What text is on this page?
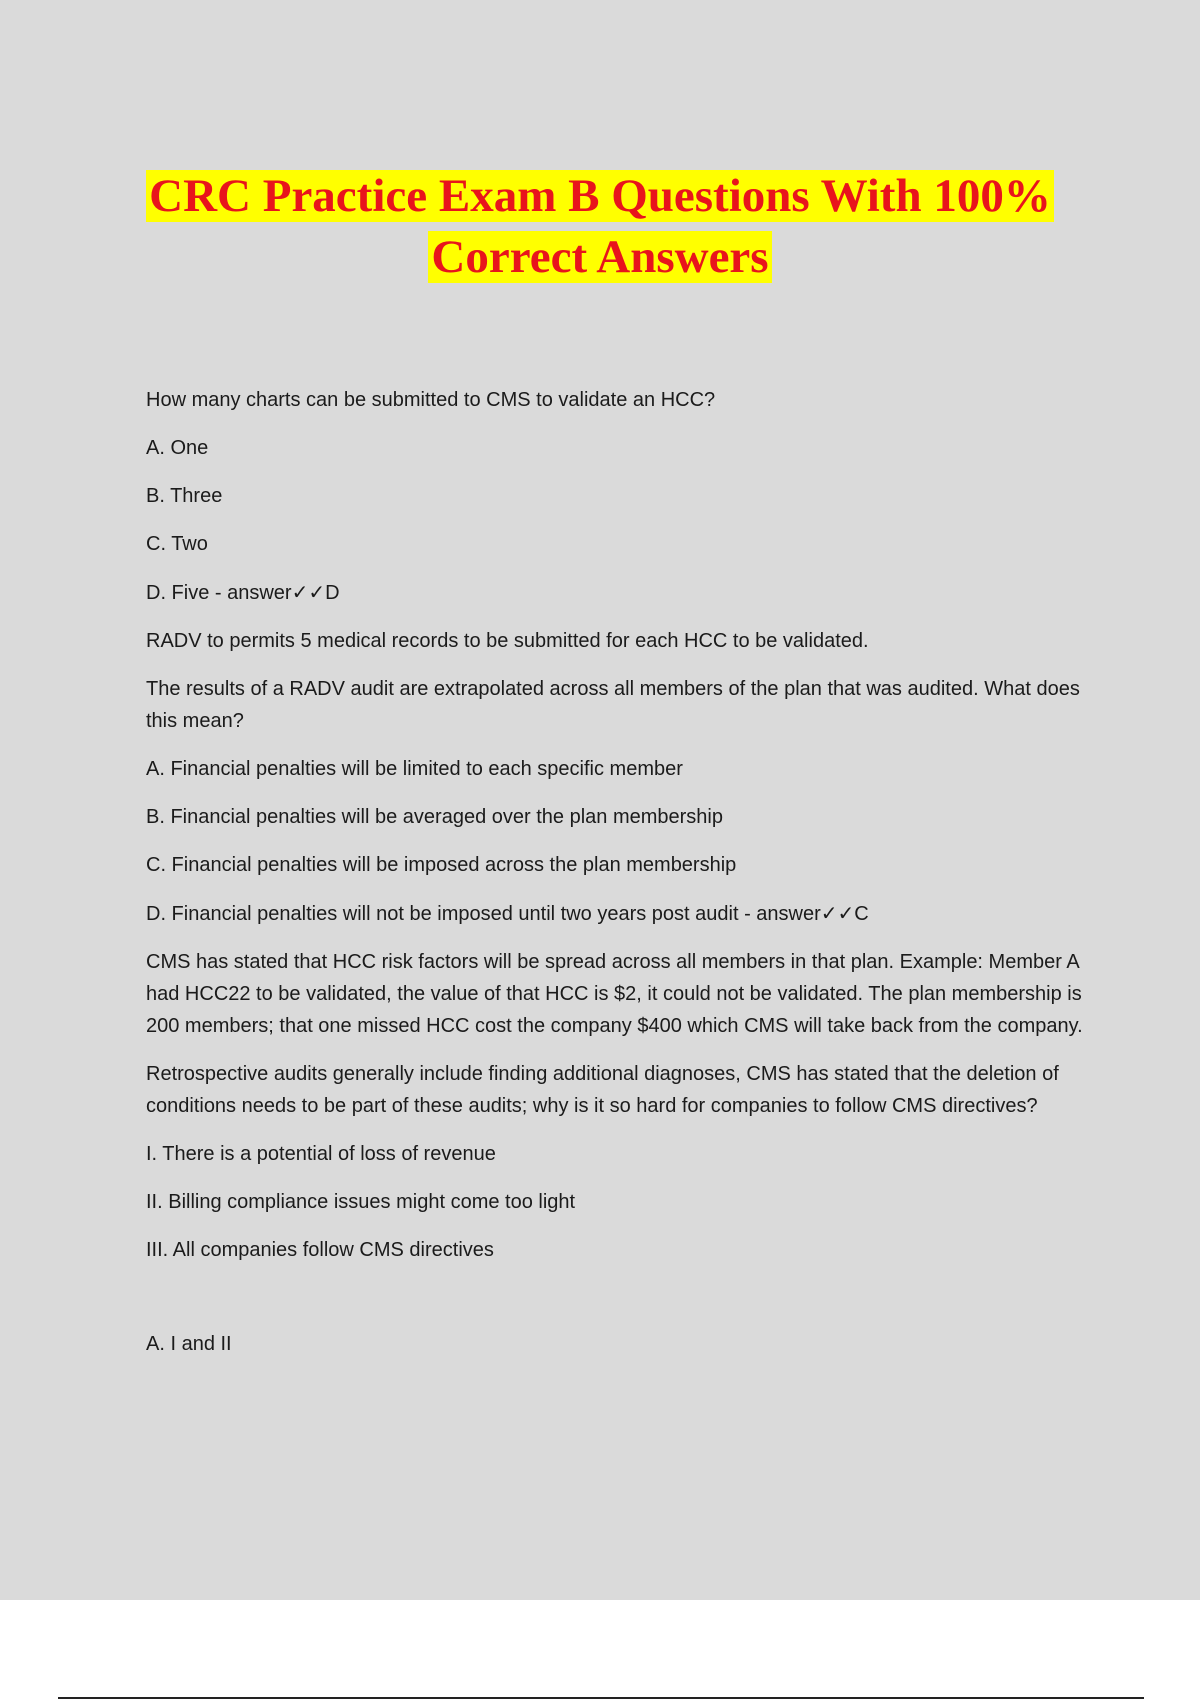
CRC Practice Exam B Questions With 100%
Correct Answers

How many charts can be submitted to CMS to validate an HCC?

A. One

B. Three

C. Two

D. Five - answer✓✓D

RADV to permits 5 medical records to be submitted for each HCC to be validated.

The results of a RADV audit are extrapolated across all members of the plan that was audited. What does this mean?

A. Financial penalties will be limited to each specific member

B. Financial penalties will be averaged over the plan membership

C. Financial penalties will be imposed across the plan membership

D. Financial penalties will not be imposed until two years post audit - answer✓✓C

CMS has stated that HCC risk factors will be spread across all members in that plan. Example: Member A had HCC22 to be validated, the value of that HCC is $2, it could not be validated. The plan membership is 200 members; that one missed HCC cost the company $400 which CMS will take back from the company.

Retrospective audits generally include finding additional diagnoses, CMS has stated that the deletion of conditions needs to be part of these audits; why is it so hard for companies to follow CMS directives?

I. There is a potential of loss of revenue

II. Billing compliance issues might come too light

III. All companies follow CMS directives

A. I and II
